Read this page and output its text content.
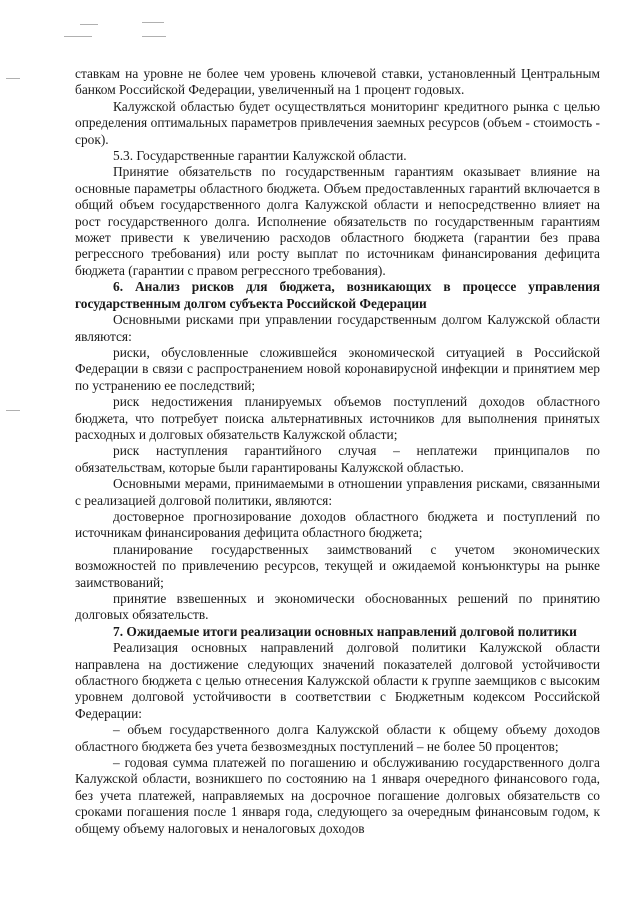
ставкам на уровне не более чем уровень ключевой ставки, установленный Центральным банком Российской Федерации, увеличенный на 1 процент годовых.

Калужской областью будет осуществляться мониторинг кредитного рынка с целью определения оптимальных параметров привлечения заемных ресурсов (объем - стоимость - срок).

5.3. Государственные гарантии Калужской области.

Принятие обязательств по государственным гарантиям оказывает влияние на основные параметры областного бюджета. Объем предоставленных гарантий включается в общий объем государственного долга Калужской области и непосредственно влияет на рост государственного долга. Исполнение обязательств по государственным гарантиям может привести к увеличению расходов областного бюджета (гарантии без права регрессного требования) или росту выплат по источникам финансирования дефицита бюджета (гарантии с правом регрессного требования).

6. Анализ рисков для бюджета, возникающих в процессе управления государственным долгом субъекта Российской Федерации

Основными рисками при управлении государственным долгом Калужской области являются:

риски, обусловленные сложившейся экономической ситуацией в Российской Федерации в связи с распространением новой коронавирусной инфекции и принятием мер по устранению ее последствий;

риск недостижения планируемых объемов поступлений доходов областного бюджета, что потребует поиска альтернативных источников для выполнения принятых расходных и долговых обязательств Калужской области;

риск наступления гарантийного случая – неплатежи принципалов по обязательствам, которые были гарантированы Калужской областью.

Основными мерами, принимаемыми в отношении управления рисками, связанными с реализацией долговой политики, являются:

достоверное прогнозирование доходов областного бюджета и поступлений по источникам финансирования дефицита областного бюджета;

планирование государственных заимствований с учетом экономических возможностей по привлечению ресурсов, текущей и ожидаемой конъюнктуры на рынке заимствований;

принятие взвешенных и экономически обоснованных решений по принятию долговых обязательств.

7. Ожидаемые итоги реализации основных направлений долговой политики

Реализация основных направлений долговой политики Калужской области направлена на достижение следующих значений показателей долговой устойчивости областного бюджета с целью отнесения Калужской области к группе заемщиков с высоким уровнем долговой устойчивости в соответствии с Бюджетным кодексом Российской Федерации:

– объем государственного долга Калужской области к общему объему доходов областного бюджета без учета безвозмездных поступлений – не более 50 процентов;

– годовая сумма платежей по погашению и обслуживанию государственного долга Калужской области, возникшего по состоянию на 1 января очередного финансового года, без учета платежей, направляемых на досрочное погашение долговых обязательств со сроками погашения после 1 января года, следующего за очередным финансовым годом, к общему объему налоговых и неналоговых доходов
